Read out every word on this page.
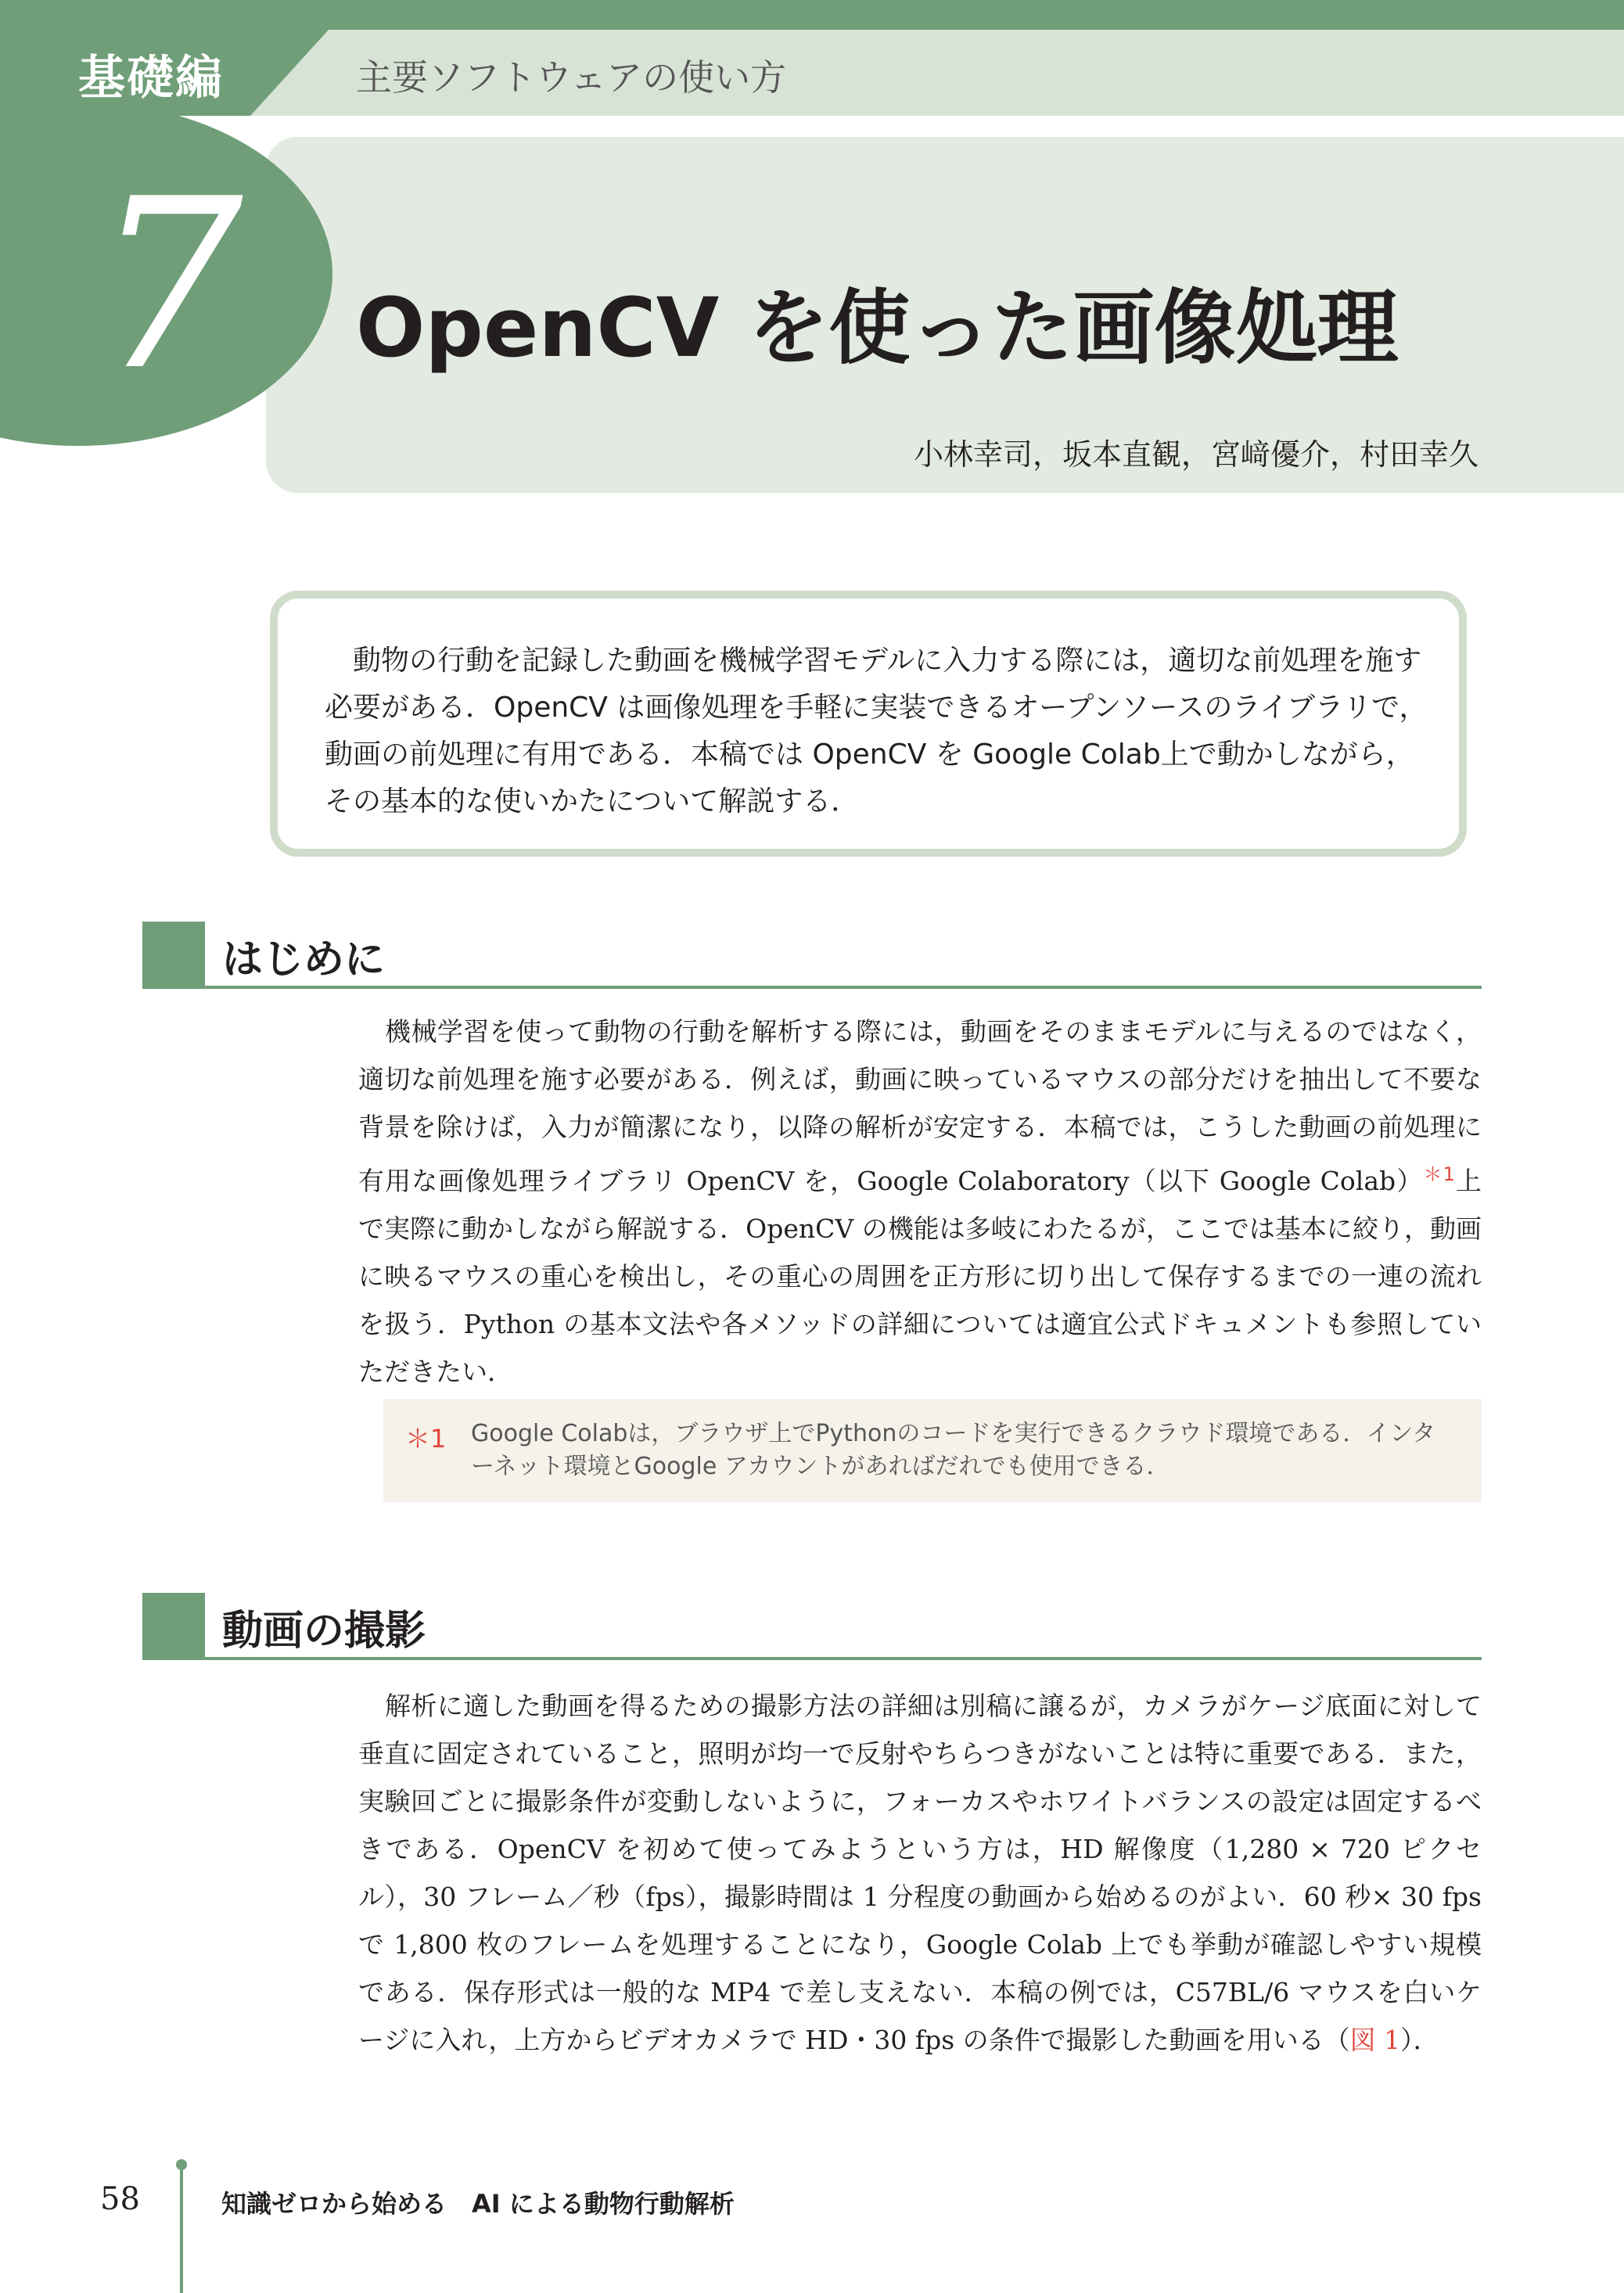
基礎編	主要ソフトウェアの使い方
7 OpenCV を使った画像処理
小林幸司，坂本直観，宮﨑優介，村田幸久
動物の行動を記録した動画を機械学習モデルに入力する際には，適切な前処理を施す必要がある．OpenCV は画像処理を手軽に実装できるオープンソースのライブラリで，動画の前処理に有用である．本稿では OpenCV を Google Colab上で動かしながら，その基本的な使いかたについて解説する．
はじめに
機械学習を使って動物の行動を解析する際には，動画をそのままモデルに与えるのではなく，適切な前処理を施す必要がある．例えば，動画に映っているマウスの部分だけを抽出して不要な背景を除けば，入力が簡潔になり，以降の解析が安定する．本稿では，こうした動画の前処理に有用な画像処理ライブラリ OpenCV を，Google Colaboratory（以下 Google Colab）$^{*1}$上で実際に動かしながら解説する．OpenCV の機能は多岐にわたるが，ここでは基本に絞り，動画に映るマウスの重心を検出し，その重心の周囲を正方形に切り出して保存するまでの一連の流れを扱う．Python の基本文法や各メソッドの詳細については適宜公式ドキュメントも参照していただきたい．
＊1 Google Colabは，ブラウザ上でPythonのコードを実行できるクラウド環境である．インターネット環境とGoogle アカウントがあればだれでも使用できる．
動画の撮影
解析に適した動画を得るための撮影方法の詳細は別稿に譲るが，カメラがケージ底面に対して垂直に固定されていること，照明が均一で反射やちらつきがないことは特に重要である．また，実験回ごとに撮影条件が変動しないように，フォーカスやホワイトバランスの設定は固定するべきである．OpenCV を初めて使ってみようという方は，HD 解像度（1,280 × 720 ピクセル），30 フレーム／秒（fps），撮影時間は 1 分程度の動画から始めるのがよい．60 秒× 30 fps で 1,800 枚のフレームを処理することになり，Google Colab 上でも挙動が確認しやすい規模である．保存形式は一般的な MP4 で差し支えない．本稿の例では，C57BL/6 マウスを白いケージに入れ，上方からビデオカメラで HD・30 fps の条件で撮影した動画を用いる（図 1）．
58	知識ゼロから始める　AI による動物行動解析
